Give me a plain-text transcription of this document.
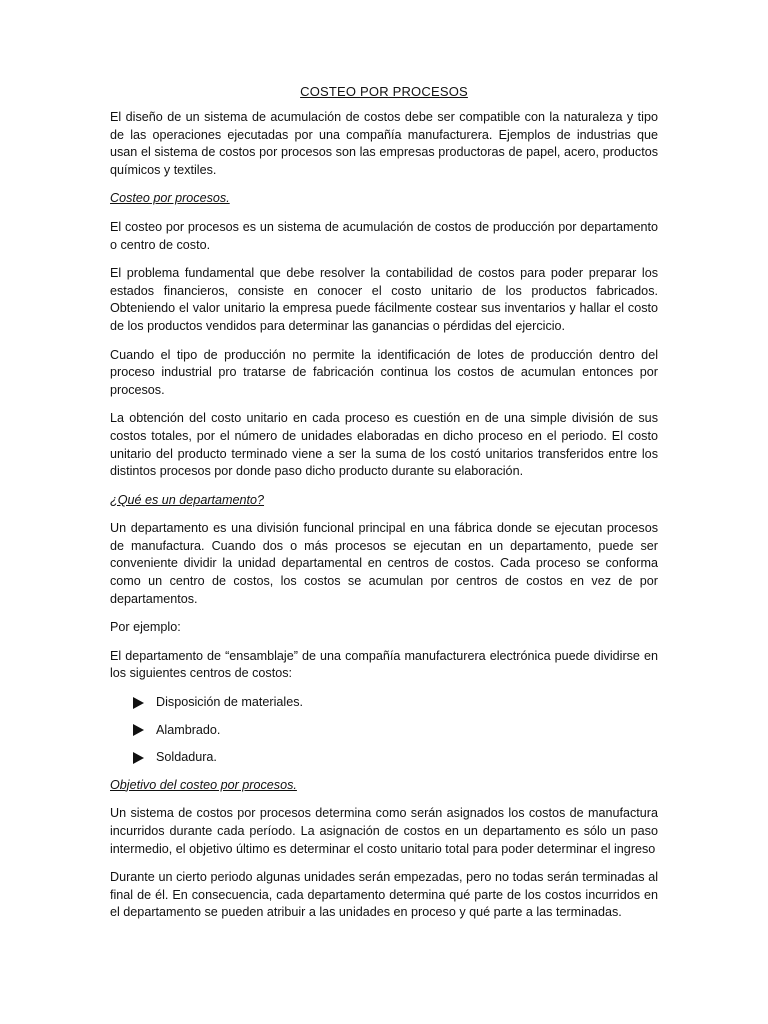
COSTEO POR PROCESOS

El diseño de un sistema de acumulación de costos debe ser compatible con la naturaleza y tipo de las operaciones ejecutadas por una compañía manufacturera. Ejemplos de industrias que usan el sistema de costos por procesos son las empresas productoras de papel, acero, productos químicos y textiles.

Costeo por procesos.

El costeo por procesos es un sistema de acumulación de costos de producción por departamento o centro de costo.

El problema fundamental que debe resolver la contabilidad de costos para poder preparar los estados financieros, consiste en conocer el costo unitario de los productos fabricados. Obteniendo el valor unitario la empresa puede fácilmente costear sus inventarios y hallar el costo de los productos vendidos para determinar las ganancias o pérdidas del ejercicio.

Cuando el tipo de producción no permite la identificación de lotes de producción dentro del proceso industrial pro tratarse de fabricación continua los costos de acumulan entonces por procesos.

La obtención del costo unitario en cada proceso es cuestión en de una simple división de sus costos totales, por el número de unidades elaboradas en dicho proceso en el periodo. El costo unitario del producto terminado viene a ser la suma de los costó unitarios transferidos entre los distintos procesos por donde paso dicho producto durante su elaboración.

¿Qué es un departamento?

Un departamento es una división funcional principal en una fábrica donde se ejecutan procesos de manufactura. Cuando dos o más procesos se ejecutan en un departamento, puede ser conveniente dividir la unidad departamental en centros de costos. Cada proceso se conforma como un centro de costos, los costos se acumulan por centros de costos en vez de por departamentos.

Por ejemplo:

El departamento de “ensamblaje” de una compañía manufacturera electrónica puede dividirse en los siguientes centros de costos:

Disposición de materiales.
Alambrado.
Soldadura.
Objetivo del costeo por procesos.

Un sistema de costos por procesos determina como serán asignados los costos de manufactura incurridos durante cada período. La asignación de costos en un departamento es sólo un paso intermedio, el objetivo último es determinar el costo unitario total para poder determinar el ingreso

Durante un cierto periodo algunas unidades serán empezadas, pero no todas serán terminadas al final de él. En consecuencia, cada departamento determina qué parte de los costos incurridos en el departamento se pueden atribuir a las unidades en proceso y qué parte a las terminadas.
